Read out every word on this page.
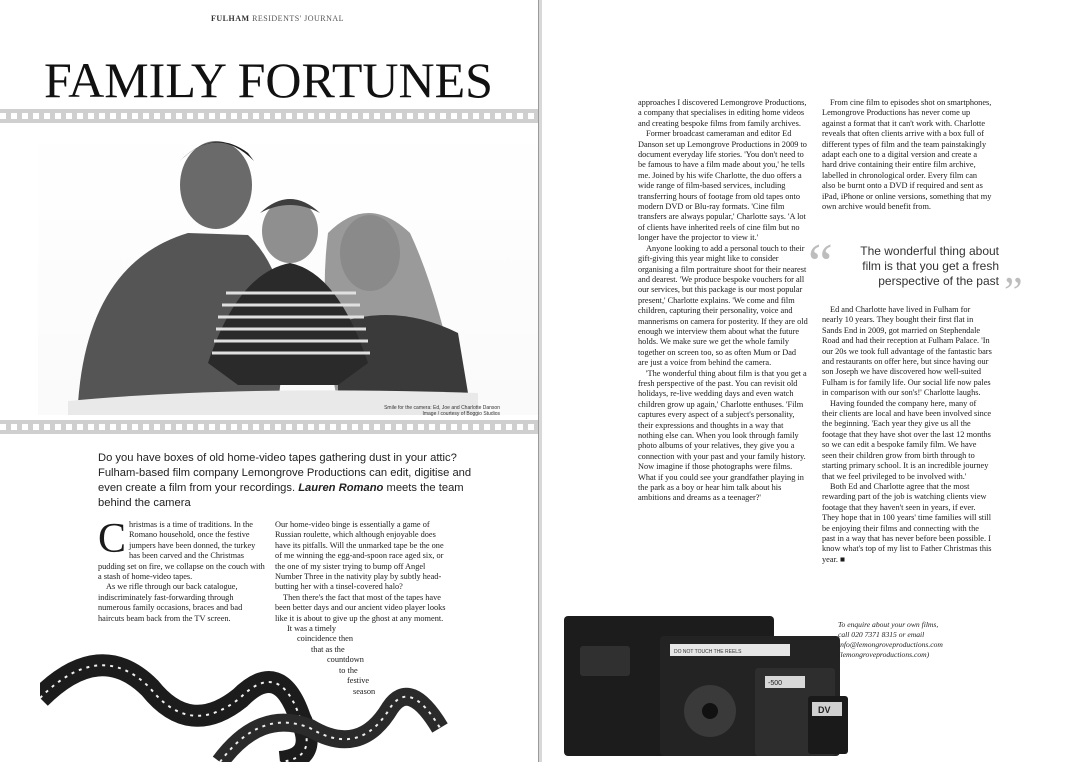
FULHAM RESIDENTS' JOURNAL
FAMILY FORTUNES
Smile for the camera: Ed, Joe and Charlotte Danson
Image / courtesy of Boggio Studios
Do you have boxes of old home-video tapes gathering dust in your attic? Fulham-based film company Lemongrove Productions can edit, digitise and even create a film from your recordings. Lauren Romano meets the team behind the camera

Christmas is a time of traditions. In the Romano household, once the festive jumpers have been donned, the turkey has been carved and the Christmas pudding set on fire, we collapse on the couch with a stash of home-video tapes.

As we rifle through our back catalogue, indiscriminately fast-forwarding through numerous family occasions, braces and bad haircuts beam back from the TV screen.

Our home-video binge is essentially a game of Russian roulette, which although enjoyable does have its pitfalls. Will the unmarked tape be the one of me winning the egg-and-spoon race aged six, or the one of my sister trying to bump off Angel Number Three in the nativity play by subtly head-butting her with a tinsel-covered halo?

Then there's the fact that most of the tapes have been better days and our ancient video player looks like it is about to give up the ghost at any moment.

It was a timely
coincidence then
that as the
countdown
to the
festive
season

approaches I discovered Lemongrove Productions, a company that specialises in editing home videos and creating bespoke films from family archives.

Former broadcast cameraman and editor Ed Danson set up Lemongrove Productions in 2009 to document everyday life stories. 'You don't need to be famous to have a film made about you,' he tells me. Joined by his wife Charlotte, the duo offers a wide range of film-based services, including transferring hours of footage from old tapes onto modern DVD or Blu-ray formats. 'Cine film transfers are always popular,' Charlotte says. 'A lot of clients have inherited reels of cine film but no longer have the projector to view it.'

Anyone looking to add a personal touch to their gift-giving this year might like to consider organising a film portraiture shoot for their nearest and dearest. 'We produce bespoke vouchers for all our services, but this package is our most popular present,' Charlotte explains. 'We come and film children, capturing their personality, voice and mannerisms on camera for posterity. If they are old enough we interview them about what the future holds. We make sure we get the whole family together on screen too, so as often Mum or Dad are just a voice from behind the camera.

'The wonderful thing about film is that you get a fresh perspective of the past. You can revisit old holidays, re-live wedding days and even watch children grow up again,' Charlotte enthuses. 'Film captures every aspect of a subject's personality, their expressions and thoughts in a way that nothing else can. When you look through family photo albums of your relatives, they give you a connection with your past and your family history. Now imagine if those photographs were films. What if you could see your grandfather playing in the park as a boy or hear him talk about his ambitions and dreams as a teenager?'

From cine film to episodes shot on smartphones, Lemongrove Productions has never come up against a format that it can't work with. Charlotte reveals that often clients arrive with a box full of different types of film and the team painstakingly adapt each one to a digital version and create a hard drive containing their entire film archive, labelled in chronological order. Every film can also be burnt onto a DVD if required and sent as iPad, iPhone or online versions, something that my own archive would benefit from.

“	The wonderful thing about
film is that you get a fresh
perspective of the past ”

Ed and Charlotte have lived in Fulham for nearly 10 years. They bought their first flat in Sands End in 2009, got married on Stephendale Road and had their reception at Fulham Palace. 'In our 20s we took full advantage of the fantastic bars and restaurants on offer here, but since having our son Joseph we have discovered how well-suited Fulham is for family life. Our social life now pales in comparison with our son's!' Charlotte laughs.

Having founded the company here, many of their clients are local and have been involved since the beginning. 'Each year they give us all the footage that they have shot over the last 12 months so we can edit a bespoke family film. We have seen their children grow from birth through to starting primary school. It is an incredible journey that we feel privileged to be involved with.'

Both Ed and Charlotte agree that the most rewarding part of the job is watching clients view footage that they haven't seen in years, if ever. They hope that in 100 years' time families will still be enjoying their films and connecting with the past in a way that has never before been possible. I know what's top of my list to Father Christmas this year. ■

DO NOT TOUCH THE REELS
-500
DV
To enquire about your own films,
call 020 7371 8315 or email
info@lemongroveproductions.com
(lemongroveproductions.com)
